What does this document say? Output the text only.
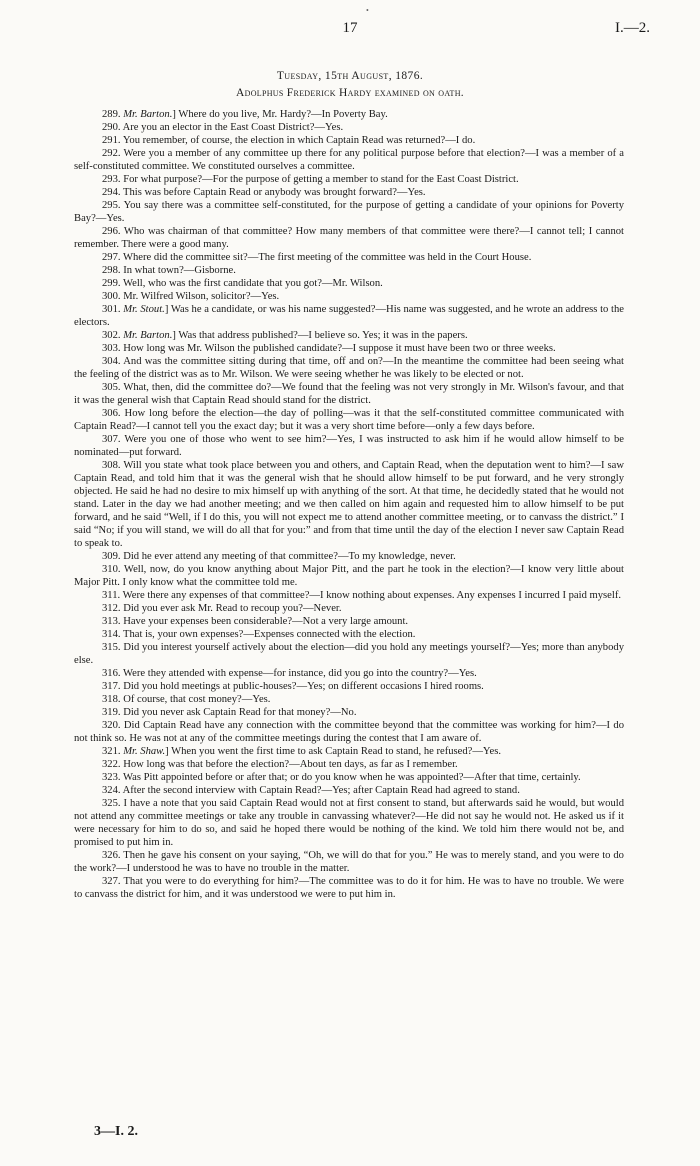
•
17	I.—2.
Tuesday, 15th August, 1876.
Adolphus Frederick Hardy examined on oath.

289. Mr. Barton.] Where do you live, Mr. Hardy?—In Poverty Bay.

290. Are you an elector in the East Coast District?—Yes.

291. You remember, of course, the election in which Captain Read was returned?—I do.

292. Were you a member of any committee up there for any political purpose before that election?—I was a member of a self-constituted committee. We constituted ourselves a committee.

293. For what purpose?—For the purpose of getting a member to stand for the East Coast District.

294. This was before Captain Read or anybody was brought forward?—Yes.

295. You say there was a committee self-constituted, for the purpose of getting a candidate of your opinions for Poverty Bay?—Yes.

296. Who was chairman of that committee? How many members of that committee were there?—I cannot tell; I cannot remember. There were a good many.

297. Where did the committee sit?—The first meeting of the committee was held in the Court House.

298. In what town?—Gisborne.

299. Well, who was the first candidate that you got?—Mr. Wilson.

300. Mr. Wilfred Wilson, solicitor?—Yes.

301. Mr. Stout.] Was he a candidate, or was his name suggested?—His name was suggested, and he wrote an address to the electors.

302. Mr. Barton.] Was that address published?—I believe so. Yes; it was in the papers.

303. How long was Mr. Wilson the published candidate?—I suppose it must have been two or three weeks.

304. And was the committee sitting during that time, off and on?—In the meantime the committee had been seeing what the feeling of the district was as to Mr. Wilson. We were seeing whether he was likely to be elected or not.

305. What, then, did the committee do?—We found that the feeling was not very strongly in Mr. Wilson's favour, and that it was the general wish that Captain Read should stand for the district.

306. How long before the election—the day of polling—was it that the self-constituted committee communicated with Captain Read?—I cannot tell you the exact day; but it was a very short time before—only a few days before.

307. Were you one of those who went to see him?—Yes, I was instructed to ask him if he would allow himself to be nominated—put forward.

308. Will you state what took place between you and others, and Captain Read, when the deputation went to him?—I saw Captain Read, and told him that it was the general wish that he should allow himself to be put forward, and he very strongly objected. He said he had no desire to mix himself up with anything of the sort. At that time, he decidedly stated that he would not stand. Later in the day we had another meeting; and we then called on him again and requested him to allow himself to be put forward, and he said “Well, if I do this, you will not expect me to attend another committee meeting, or to canvass the district.” I said “No; if you will stand, we will do all that for you:” and from that time until the day of the election I never saw Captain Read to speak to.

309. Did he ever attend any meeting of that committee?—To my knowledge, never.

310. Well, now, do you know anything about Major Pitt, and the part he took in the election?—I know very little about Major Pitt. I only know what the committee told me.

311. Were there any expenses of that committee?—I know nothing about expenses. Any expenses I incurred I paid myself.

312. Did you ever ask Mr. Read to recoup you?—Never.

313. Have your expenses been considerable?—Not a very large amount.

314. That is, your own expenses?—Expenses connected with the election.

315. Did you interest yourself actively about the election—did you hold any meetings yourself?—Yes; more than anybody else.

316. Were they attended with expense—for instance, did you go into the country?—Yes.

317. Did you hold meetings at public-houses?—Yes; on different occasions I hired rooms.

318. Of course, that cost money?—Yes.

319. Did you never ask Captain Read for that money?—No.

320. Did Captain Read have any connection with the committee beyond that the committee was working for him?—I do not think so. He was not at any of the committee meetings during the contest that I am aware of.

321. Mr. Shaw.] When you went the first time to ask Captain Read to stand, he refused?—Yes.

322. How long was that before the election?—About ten days, as far as I remember.

323. Was Pitt appointed before or after that; or do you know when he was appointed?—After that time, certainly.

324. After the second interview with Captain Read?—Yes; after Captain Read had agreed to stand.

325. I have a note that you said Captain Read would not at first consent to stand, but afterwards said he would, but would not attend any committee meetings or take any trouble in canvassing whatever?—He did not say he would not. He asked us if it were necessary for him to do so, and said he hoped there would be nothing of the kind. We told him there would not be, and promised to put him in.

326. Then he gave his consent on your saying, “Oh, we will do that for you.” He was to merely stand, and you were to do the work?—I understood he was to have no trouble in the matter.

327. That you were to do everything for him?—The committee was to do it for him. He was to have no trouble. We were to canvass the district for him, and it was understood we were to put him in.

3—I. 2.
